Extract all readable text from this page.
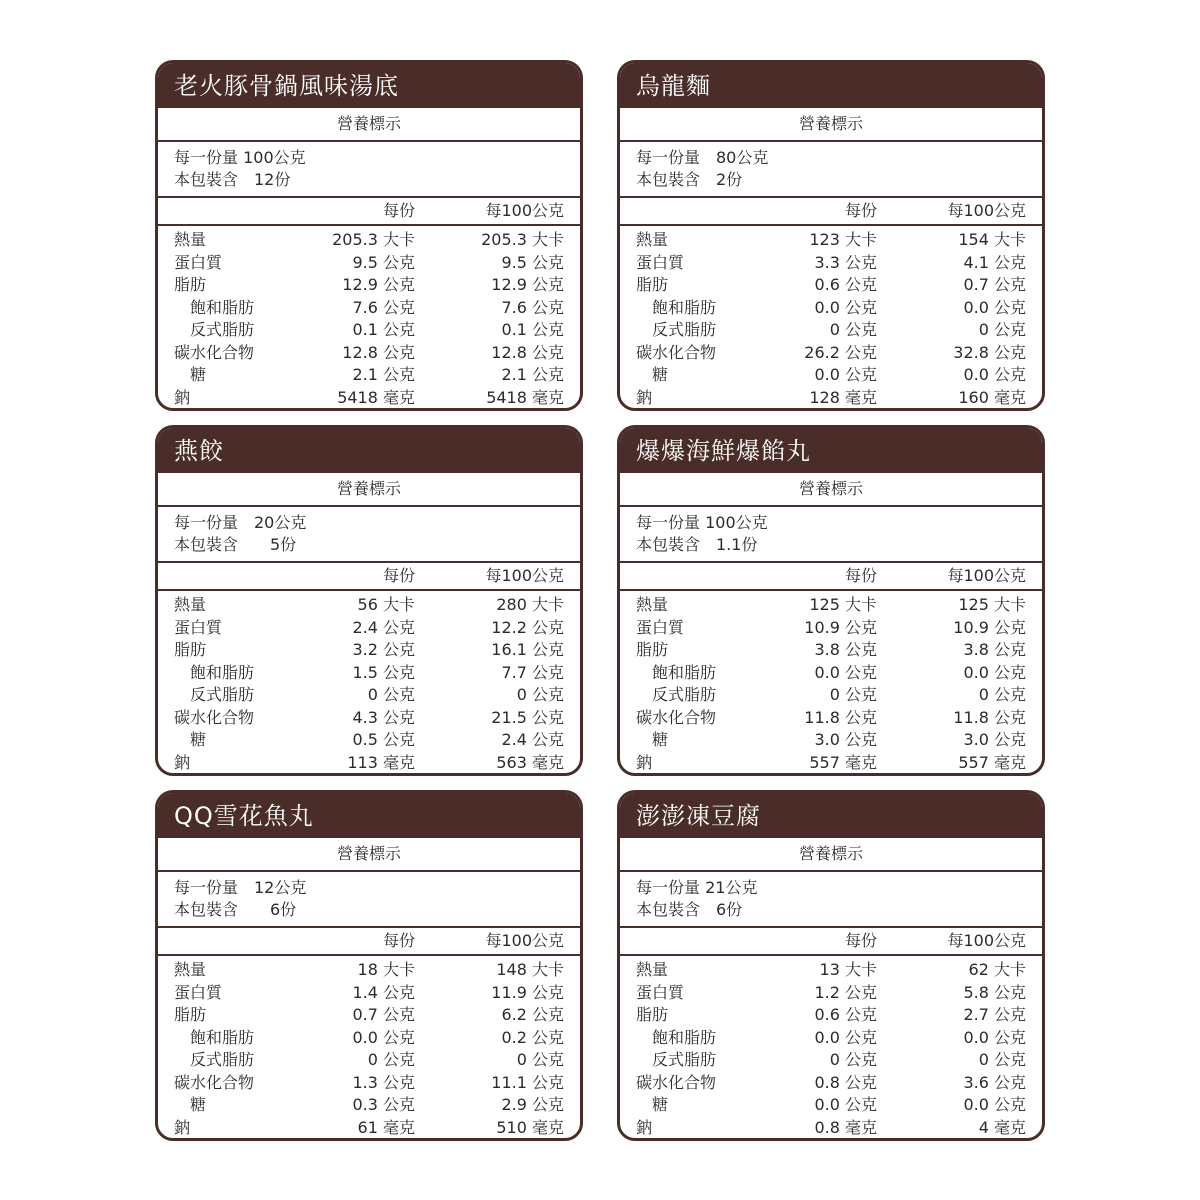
老火豚骨鍋風味湯底
營養標示
每一份量 100公克
本包裝含　12份
每份	每100公克
熱量	205.3 大卡	205.3 大卡
蛋白質	9.5 公克	9.5 公克
脂肪	12.9 公克	12.9 公克
飽和脂肪	7.6 公克	7.6 公克
反式脂肪	0.1 公克	0.1 公克
碳水化合物	12.8 公克	12.8 公克
糖	2.1 公克	2.1 公克
鈉	5418 毫克	5418 毫克
烏龍麵
營養標示
每一份量　80公克
本包裝含　2份
每份	每100公克
熱量	123 大卡	154 大卡
蛋白質	3.3 公克	4.1 公克
脂肪	0.6 公克	0.7 公克
飽和脂肪	0.0 公克	0.0 公克
反式脂肪	0 公克	0 公克
碳水化合物	26.2 公克	32.8 公克
糖	0.0 公克	0.0 公克
鈉	128 毫克	160 毫克
燕餃
營養標示
每一份量　20公克
本包裝含　　5份
每份	每100公克
熱量	56 大卡	280 大卡
蛋白質	2.4 公克	12.2 公克
脂肪	3.2 公克	16.1 公克
飽和脂肪	1.5 公克	7.7 公克
反式脂肪	0 公克	0 公克
碳水化合物	4.3 公克	21.5 公克
糖	0.5 公克	2.4 公克
鈉	113 毫克	563 毫克
爆爆海鮮爆餡丸
營養標示
每一份量 100公克
本包裝含　1.1份
每份	每100公克
熱量	125 大卡	125 大卡
蛋白質	10.9 公克	10.9 公克
脂肪	3.8 公克	3.8 公克
飽和脂肪	0.0 公克	0.0 公克
反式脂肪	0 公克	0 公克
碳水化合物	11.8 公克	11.8 公克
糖	3.0 公克	3.0 公克
鈉	557 毫克	557 毫克
QQ雪花魚丸
營養標示
每一份量　12公克
本包裝含　　6份
每份	每100公克
熱量	18 大卡	148 大卡
蛋白質	1.4 公克	11.9 公克
脂肪	0.7 公克	6.2 公克
飽和脂肪	0.0 公克	0.2 公克
反式脂肪	0 公克	0 公克
碳水化合物	1.3 公克	11.1 公克
糖	0.3 公克	2.9 公克
鈉	61 毫克	510 毫克
澎澎凍豆腐
營養標示
每一份量 21公克
本包裝含　6份
每份	每100公克
熱量	13 大卡	62 大卡
蛋白質	1.2 公克	5.8 公克
脂肪	0.6 公克	2.7 公克
飽和脂肪	0.0 公克	0.0 公克
反式脂肪	0 公克	0 公克
碳水化合物	0.8 公克	3.6 公克
糖	0.0 公克	0.0 公克
鈉	0.8 毫克	4 毫克
